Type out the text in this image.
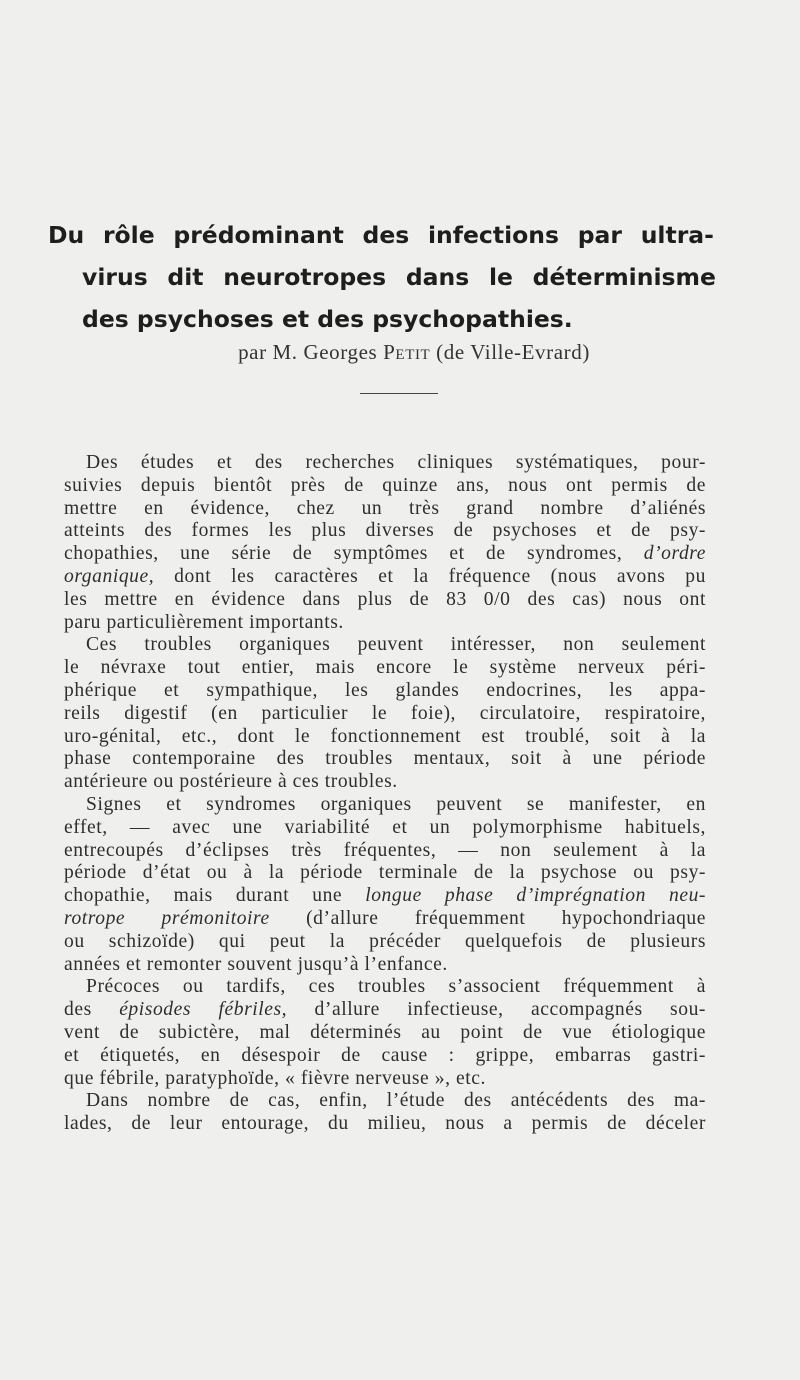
Du rôle prédominant des infections par ultra-
virus dit neurotropes dans le déterminisme
des psychoses et des psychopathies.
par M. Georges Petit (de Ville-Evrard)
Des études et des recherches cliniques systématiques, pour-
suivies depuis bientôt près de quinze ans, nous ont permis de
mettre en évidence, chez un très grand nombre d’aliénés
atteints des formes les plus diverses de psychoses et de psy-
chopathies, une série de symptômes et de syndromes, d’ordre
organique, dont les caractères et la fréquence (nous avons pu
les mettre en évidence dans plus de 83 0/0 des cas) nous ont
paru particulièrement importants.
Ces troubles organiques peuvent intéresser, non seulement
le névraxe tout entier, mais encore le système nerveux péri-
phérique et sympathique, les glandes endocrines, les appa-
reils digestif (en particulier le foie), circulatoire, respiratoire,
uro-génital, etc., dont le fonctionnement est troublé, soit à la
phase contemporaine des troubles mentaux, soit à une période
antérieure ou postérieure à ces troubles.
Signes et syndromes organiques peuvent se manifester, en
effet, — avec une variabilité et un polymorphisme habituels,
entrecoupés d’éclipses très fréquentes, — non seulement à la
période d’état ou à la période terminale de la psychose ou psy-
chopathie, mais durant une longue phase d’imprégnation neu-
rotrope prémonitoire (d’allure fréquemment hypochondriaque
ou schizoïde) qui peut la précéder quelquefois de plusieurs
années et remonter souvent jusqu’à l’enfance.
Précoces ou tardifs, ces troubles s’associent fréquemment à
des épisodes fébriles, d’allure infectieuse, accompagnés sou-
vent de subictère, mal déterminés au point de vue étiologique
et étiquetés, en désespoir de cause : grippe, embarras gastri-
que fébrile, paratyphoïde, « fièvre nerveuse », etc.
Dans nombre de cas, enfin, l’étude des antécédents des ma-
lades, de leur entourage, du milieu, nous a permis de déceler
